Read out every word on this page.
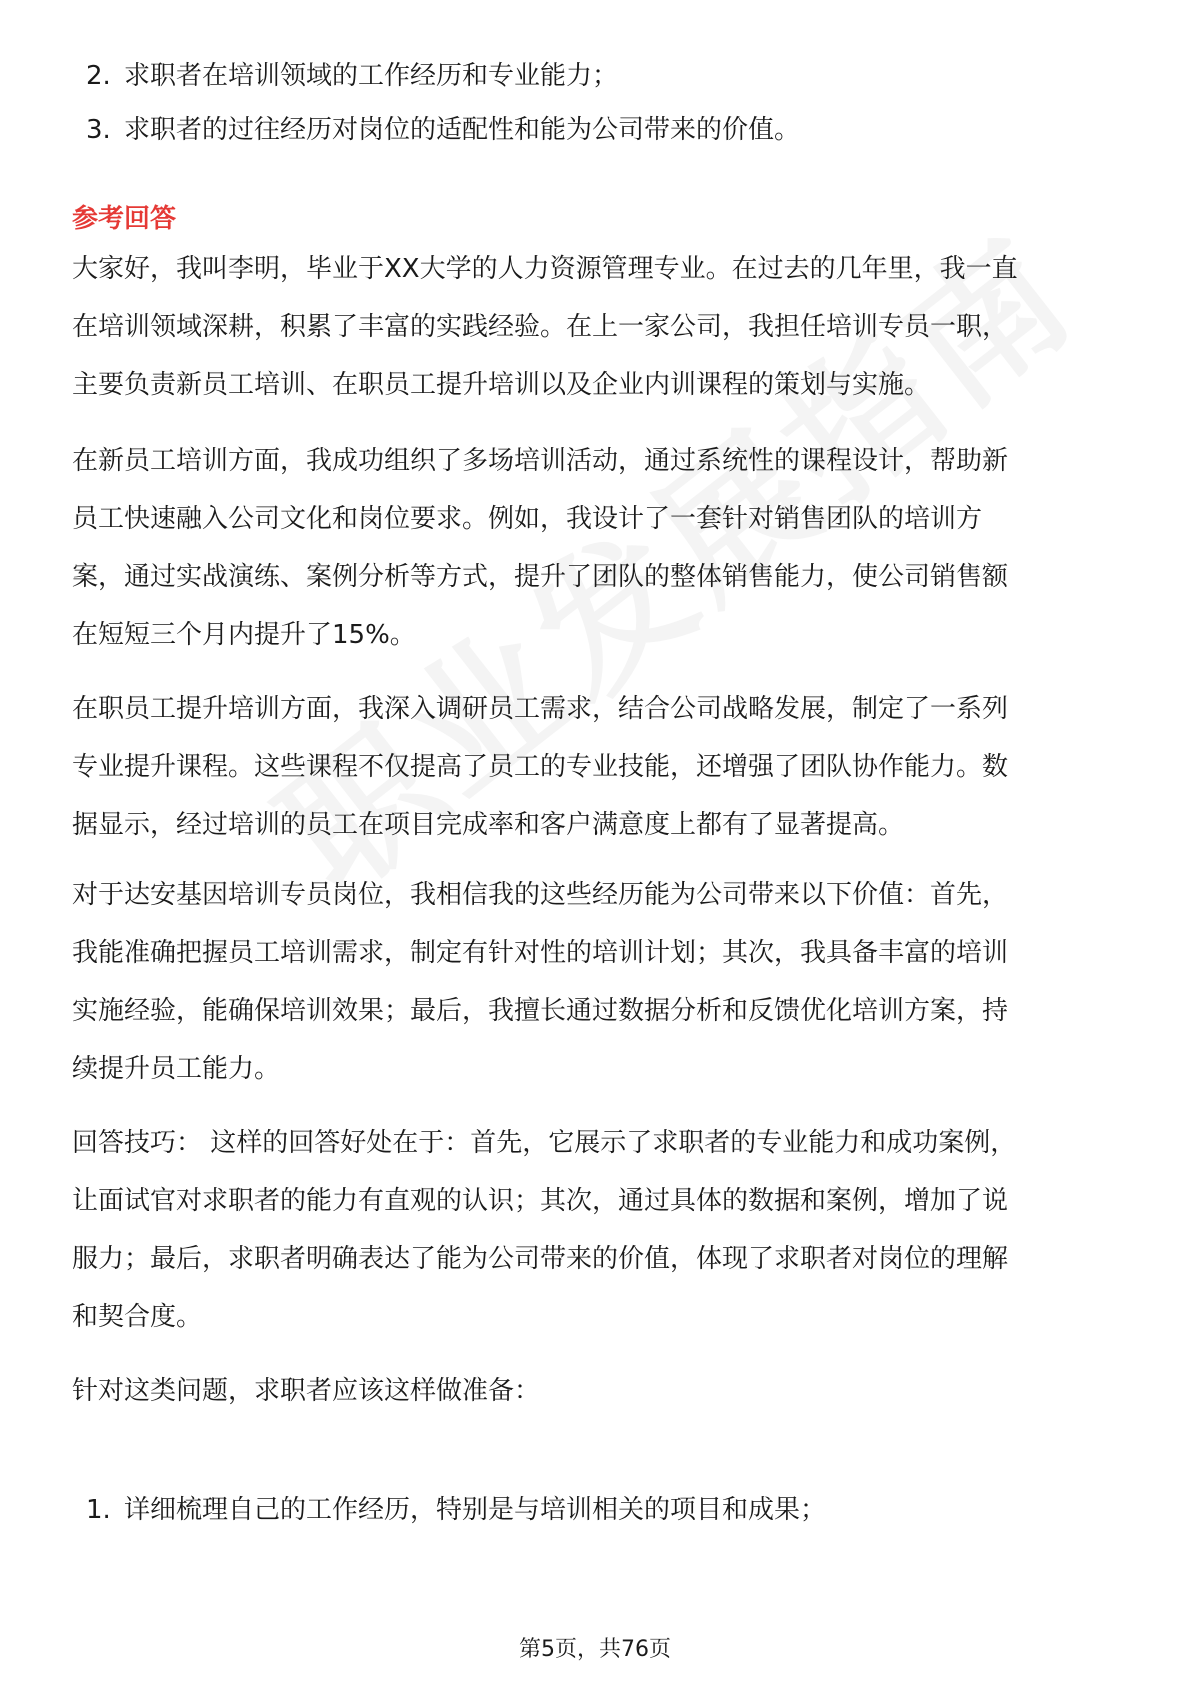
2. 求职者在培训领域的工作经历和专业能力；
3. 求职者的过往经历对岗位的适配性和能为公司带来的价值。
参考回答
大家好，我叫李明，毕业于XX大学的人力资源管理专业。在过去的几年里，我一直
在培训领域深耕，积累了丰富的实践经验。在上一家公司，我担任培训专员一职，
主要负责新员工培训、在职员工提升培训以及企业内训课程的策划与实施。
在新员工培训方面，我成功组织了多场培训活动，通过系统性的课程设计，帮助新
员工快速融入公司文化和岗位要求。例如，我设计了一套针对销售团队的培训方
案，通过实战演练、案例分析等方式，提升了团队的整体销售能力，使公司销售额
在短短三个月内提升了15%。
在职员工提升培训方面，我深入调研员工需求，结合公司战略发展，制定了一系列
专业提升课程。这些课程不仅提高了员工的专业技能，还增强了团队协作能力。数
据显示，经过培训的员工在项目完成率和客户满意度上都有了显著提高。
对于达安基因培训专员岗位，我相信我的这些经历能为公司带来以下价值：首先，
我能准确把握员工培训需求，制定有针对性的培训计划；其次，我具备丰富的培训
实施经验，能确保培训效果；最后，我擅长通过数据分析和反馈优化培训方案，持
续提升员工能力。
回答技巧： 这样的回答好处在于：首先，它展示了求职者的专业能力和成功案例，
让面试官对求职者的能力有直观的认识；其次，通过具体的数据和案例，增加了说
服力；最后，求职者明确表达了能为公司带来的价值，体现了求职者对岗位的理解
和契合度。
针对这类问题，求职者应该这样做准备：
1. 详细梳理自己的工作经历，特别是与培训相关的项目和成果；
第5页，共76页
